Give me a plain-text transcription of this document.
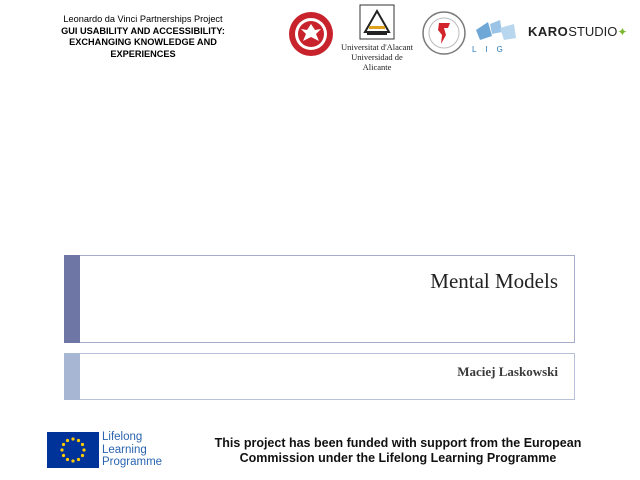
Leonardo da Vinci Partnerships Project
GUI USABILITY AND ACCESSIBILITY:
EXCHANGING KNOWLEDGE AND EXPERIENCES
Universitat d'Alacant
Universidad de Alicante
LIG
KAROSTUDIO✦
Mental Models
Maciej Laskowski
Lifelong
Learning
Programme
This project has been funded with support from the European
Commission under the Lifelong Learning Programme
